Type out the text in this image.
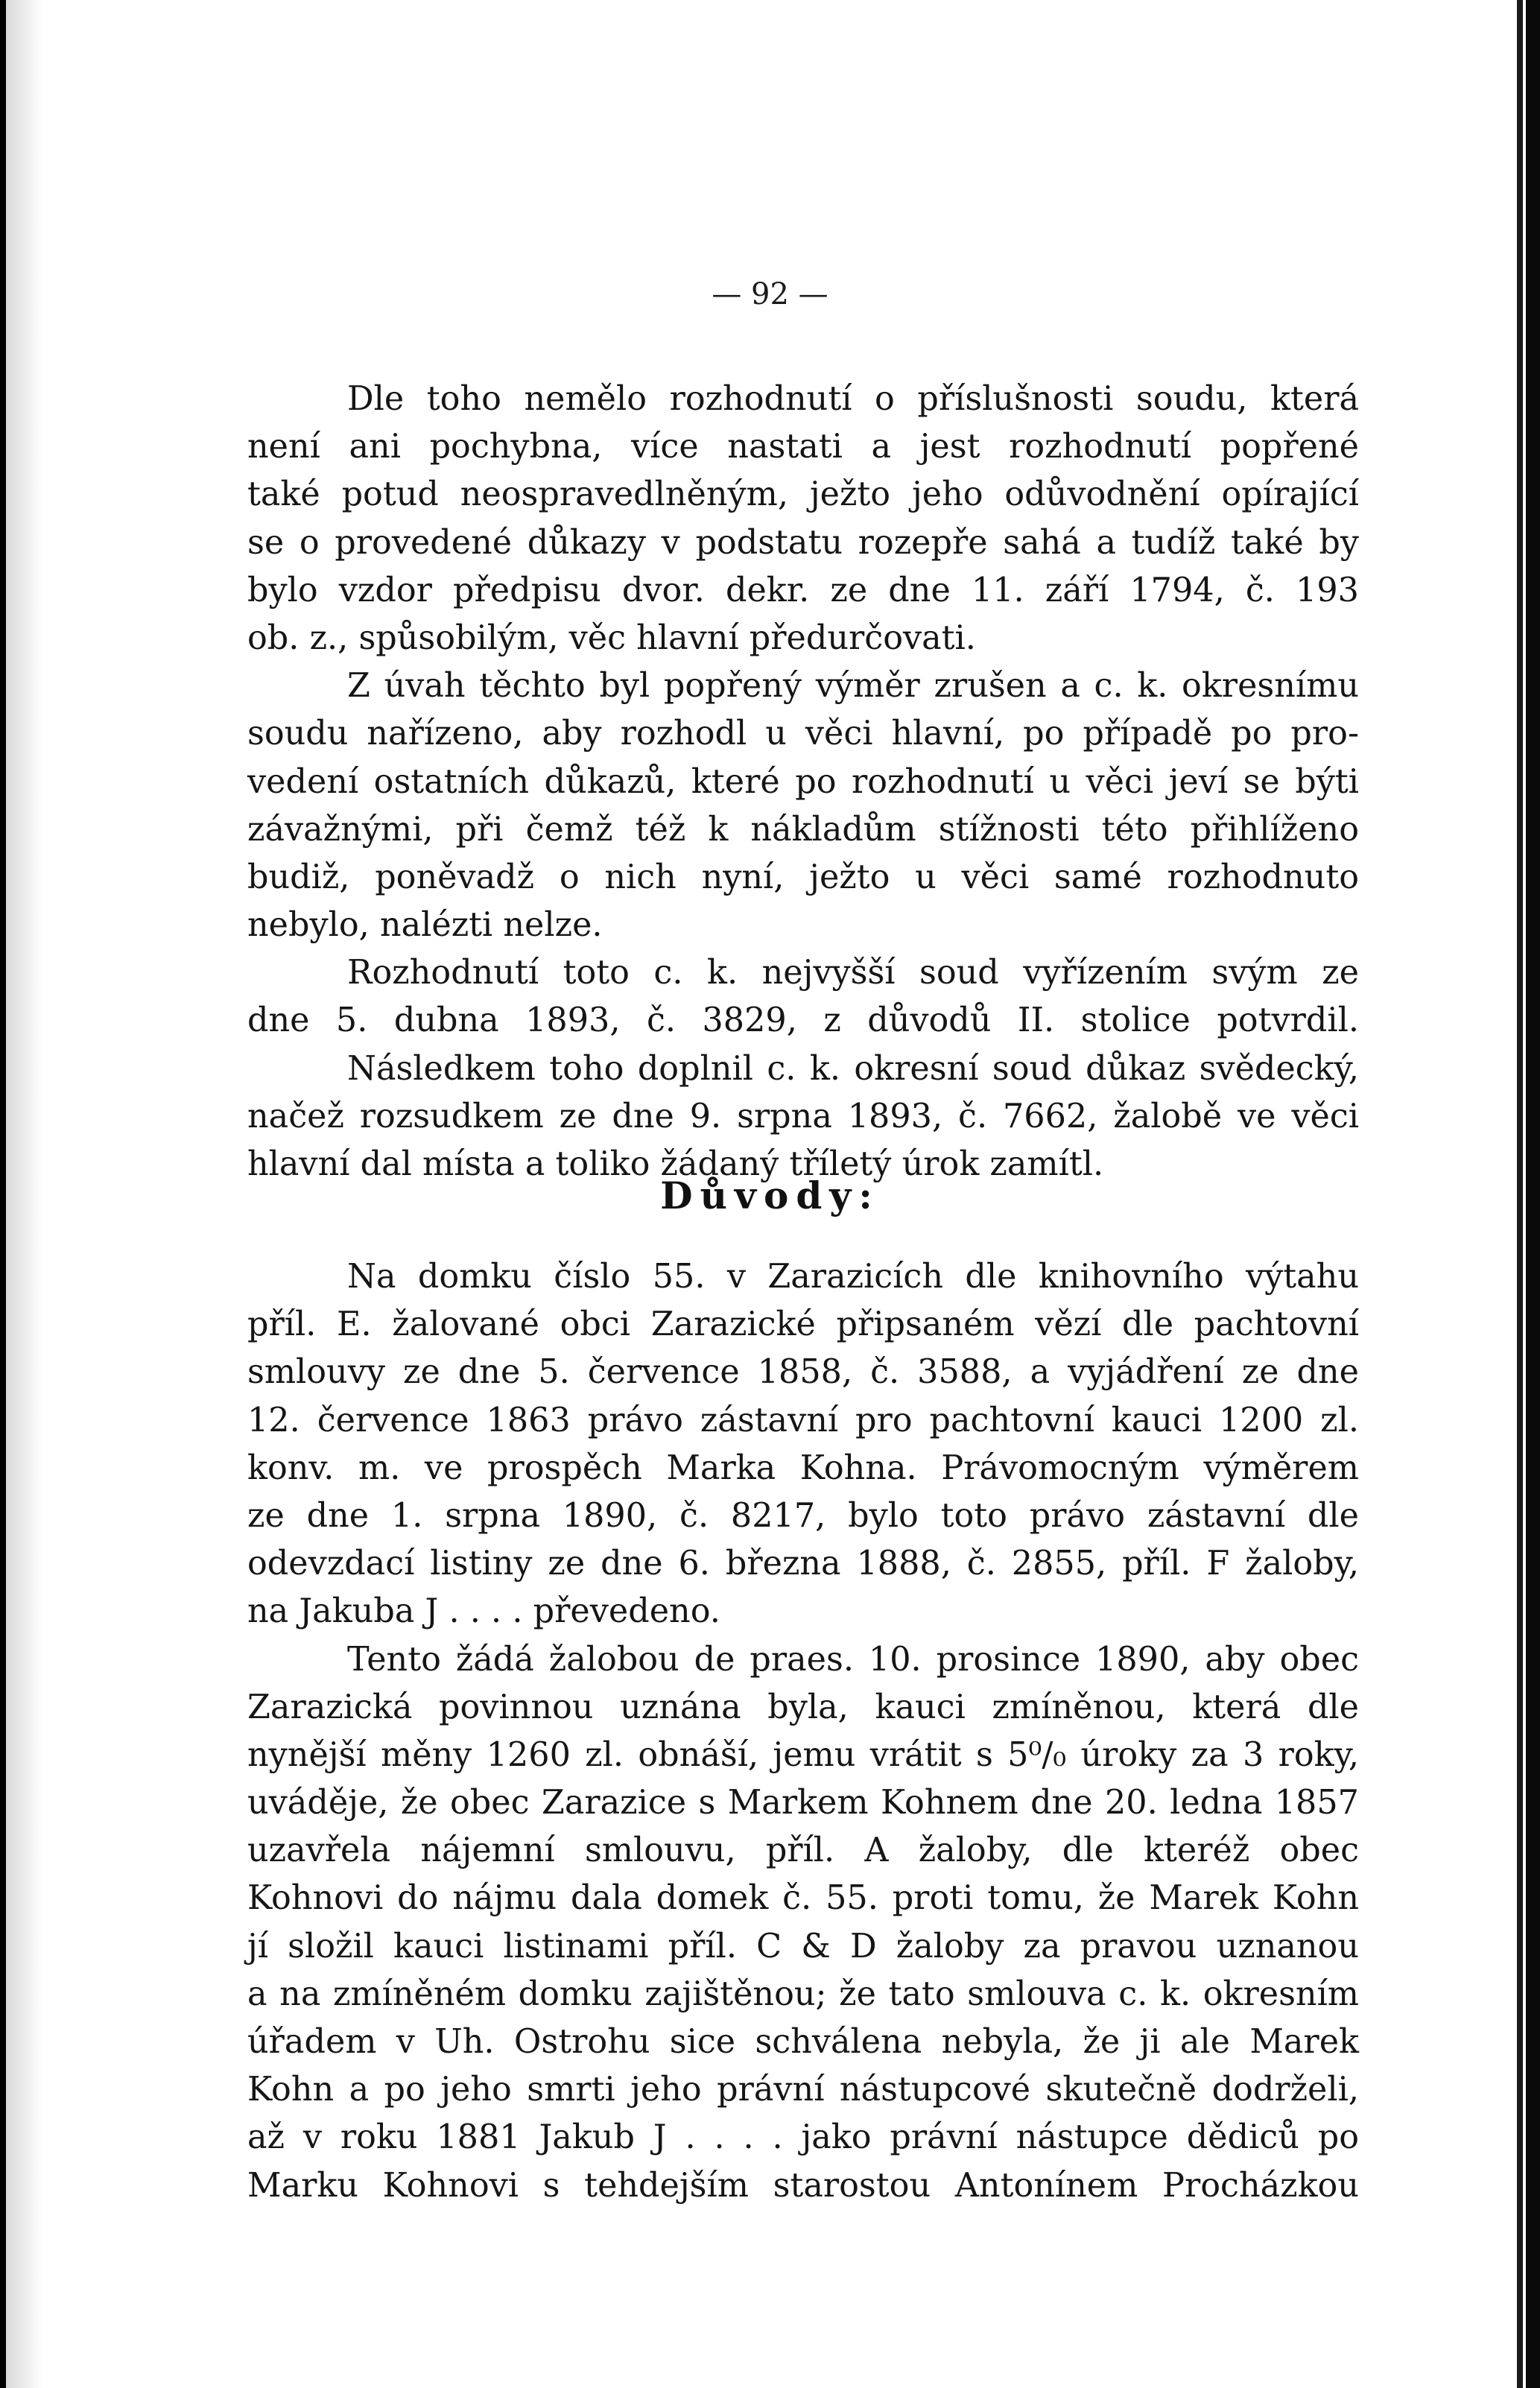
— 92 —
Dle toho nemělo rozhodnutí o příslušnosti soudu, která
není ani pochybna, více nastati a jest rozhodnutí popřené
také potud neospravedlněným, ježto jeho odůvodnění opírající
se o provedené důkazy v podstatu rozepře sahá a tudíž také by
bylo vzdor předpisu dvor. dekr. ze dne 11. září 1794, č. 193
ob. z., spůsobilým, věc hlavní předurčovati.
Z úvah těchto byl popřený výměr zrušen a c. k. okresnímu
soudu nařízeno, aby rozhodl u věci hlavní, po případě po pro-
vedení ostatních důkazů, které po rozhodnutí u věci jeví se býti
závažnými, při čemž též k nákladům stížnosti této přihlíženo
budiž, poněvadž o nich nyní, ježto u věci samé rozhodnuto
nebylo, nalézti nelze.
Rozhodnutí toto c. k. nejvyšší soud vyřízením svým ze
dne 5. dubna 1893, č. 3829, z důvodů II. stolice potvrdil.
Následkem toho doplnil c. k. okresní soud důkaz svědecký,
načež rozsudkem ze dne 9. srpna 1893, č. 7662, žalobě ve věci
hlavní dal místa a toliko žádaný tříletý úrok zamítl.
Důvody:
Na domku číslo 55. v Zarazicích dle knihovního výtahu
příl. E. žalované obci Zarazické připsaném vězí dle pachtovní
smlouvy ze dne 5. července 1858, č. 3588, a vyjádření ze dne
12. července 1863 právo zástavní pro pachtovní kauci 1200 zl.
konv. m. ve prospěch Marka Kohna. Právomocným výměrem
ze dne 1. srpna 1890, č. 8217, bylo toto právo zástavní dle
odevzdací listiny ze dne 6. března 1888, č. 2855, příl. F žaloby,
na Jakuba J . . . . převedeno.
Tento žádá žalobou de praes. 10. prosince 1890, aby obec
Zarazická povinnou uznána byla, kauci zmíněnou, která dle
nynější měny 1260 zl. obnáší, jemu vrátit s 5⁰/₀ úroky za 3 roky,
uváděje, že obec Zarazice s Markem Kohnem dne 20. ledna 1857
uzavřela nájemní smlouvu, příl. A žaloby, dle kteréž obec
Kohnovi do nájmu dala domek č. 55. proti tomu, že Marek Kohn
jí složil kauci listinami příl. C & D žaloby za pravou uznanou
a na zmíněném domku zajištěnou; že tato smlouva c. k. okresním
úřadem v Uh. Ostrohu sice schválena nebyla, že ji ale Marek
Kohn a po jeho smrti jeho právní nástupcové skutečně dodrželi,
až v roku 1881 Jakub J . . . . jako právní nástupce dědiců po
Marku Kohnovi s tehdejším starostou Antonínem Procházkou
